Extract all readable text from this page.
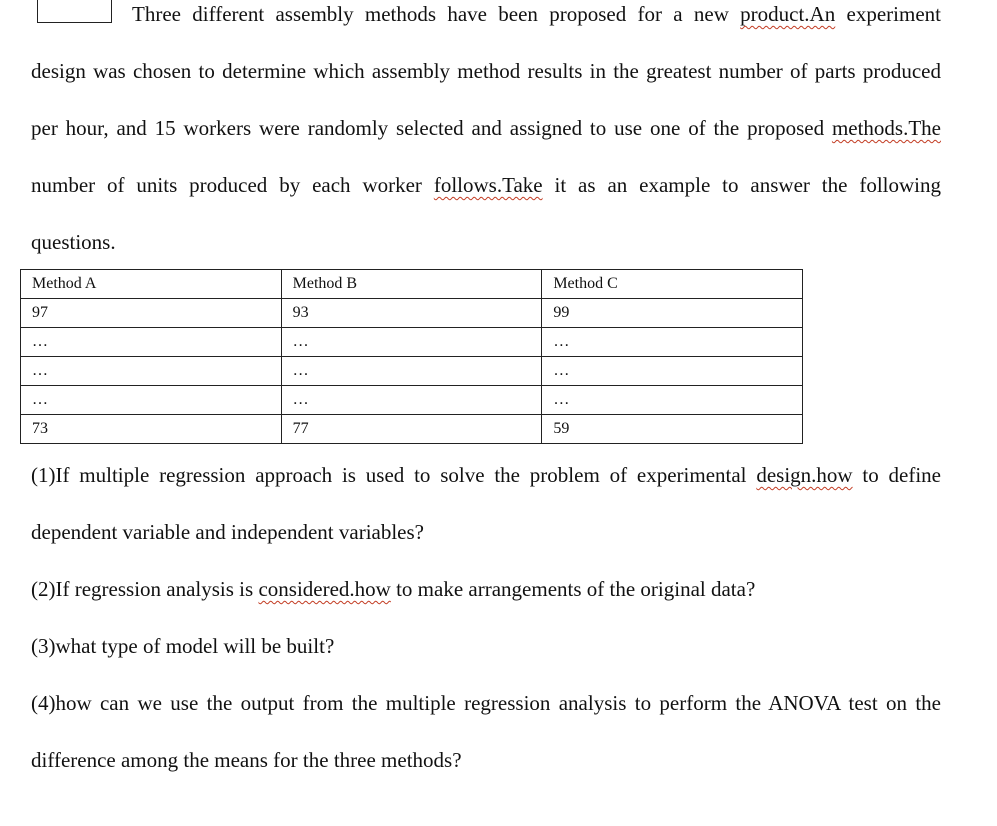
Three different assembly methods have been proposed for a new product.An experiment
design was chosen to determine which assembly method results in the greatest number of parts produced
per hour, and 15 workers were randomly selected and assigned to use one of the proposed methods.The
number of units produced by each worker follows.Take it as an example to answer the following
questions.
Method A	Method B	Method C
97	93	99
…	…	…
…	…	…
…	…	…
73	77	59
(1)If multiple regression approach is used to solve the problem of experimental design.how to define
dependent variable and independent variables?
(2)If regression analysis is considered.how to make arrangements of the original data?
(3)what type of model will be built?
(4)how can we use the output from the multiple regression analysis to perform the ANOVA test on the
difference among the means for the three methods?
